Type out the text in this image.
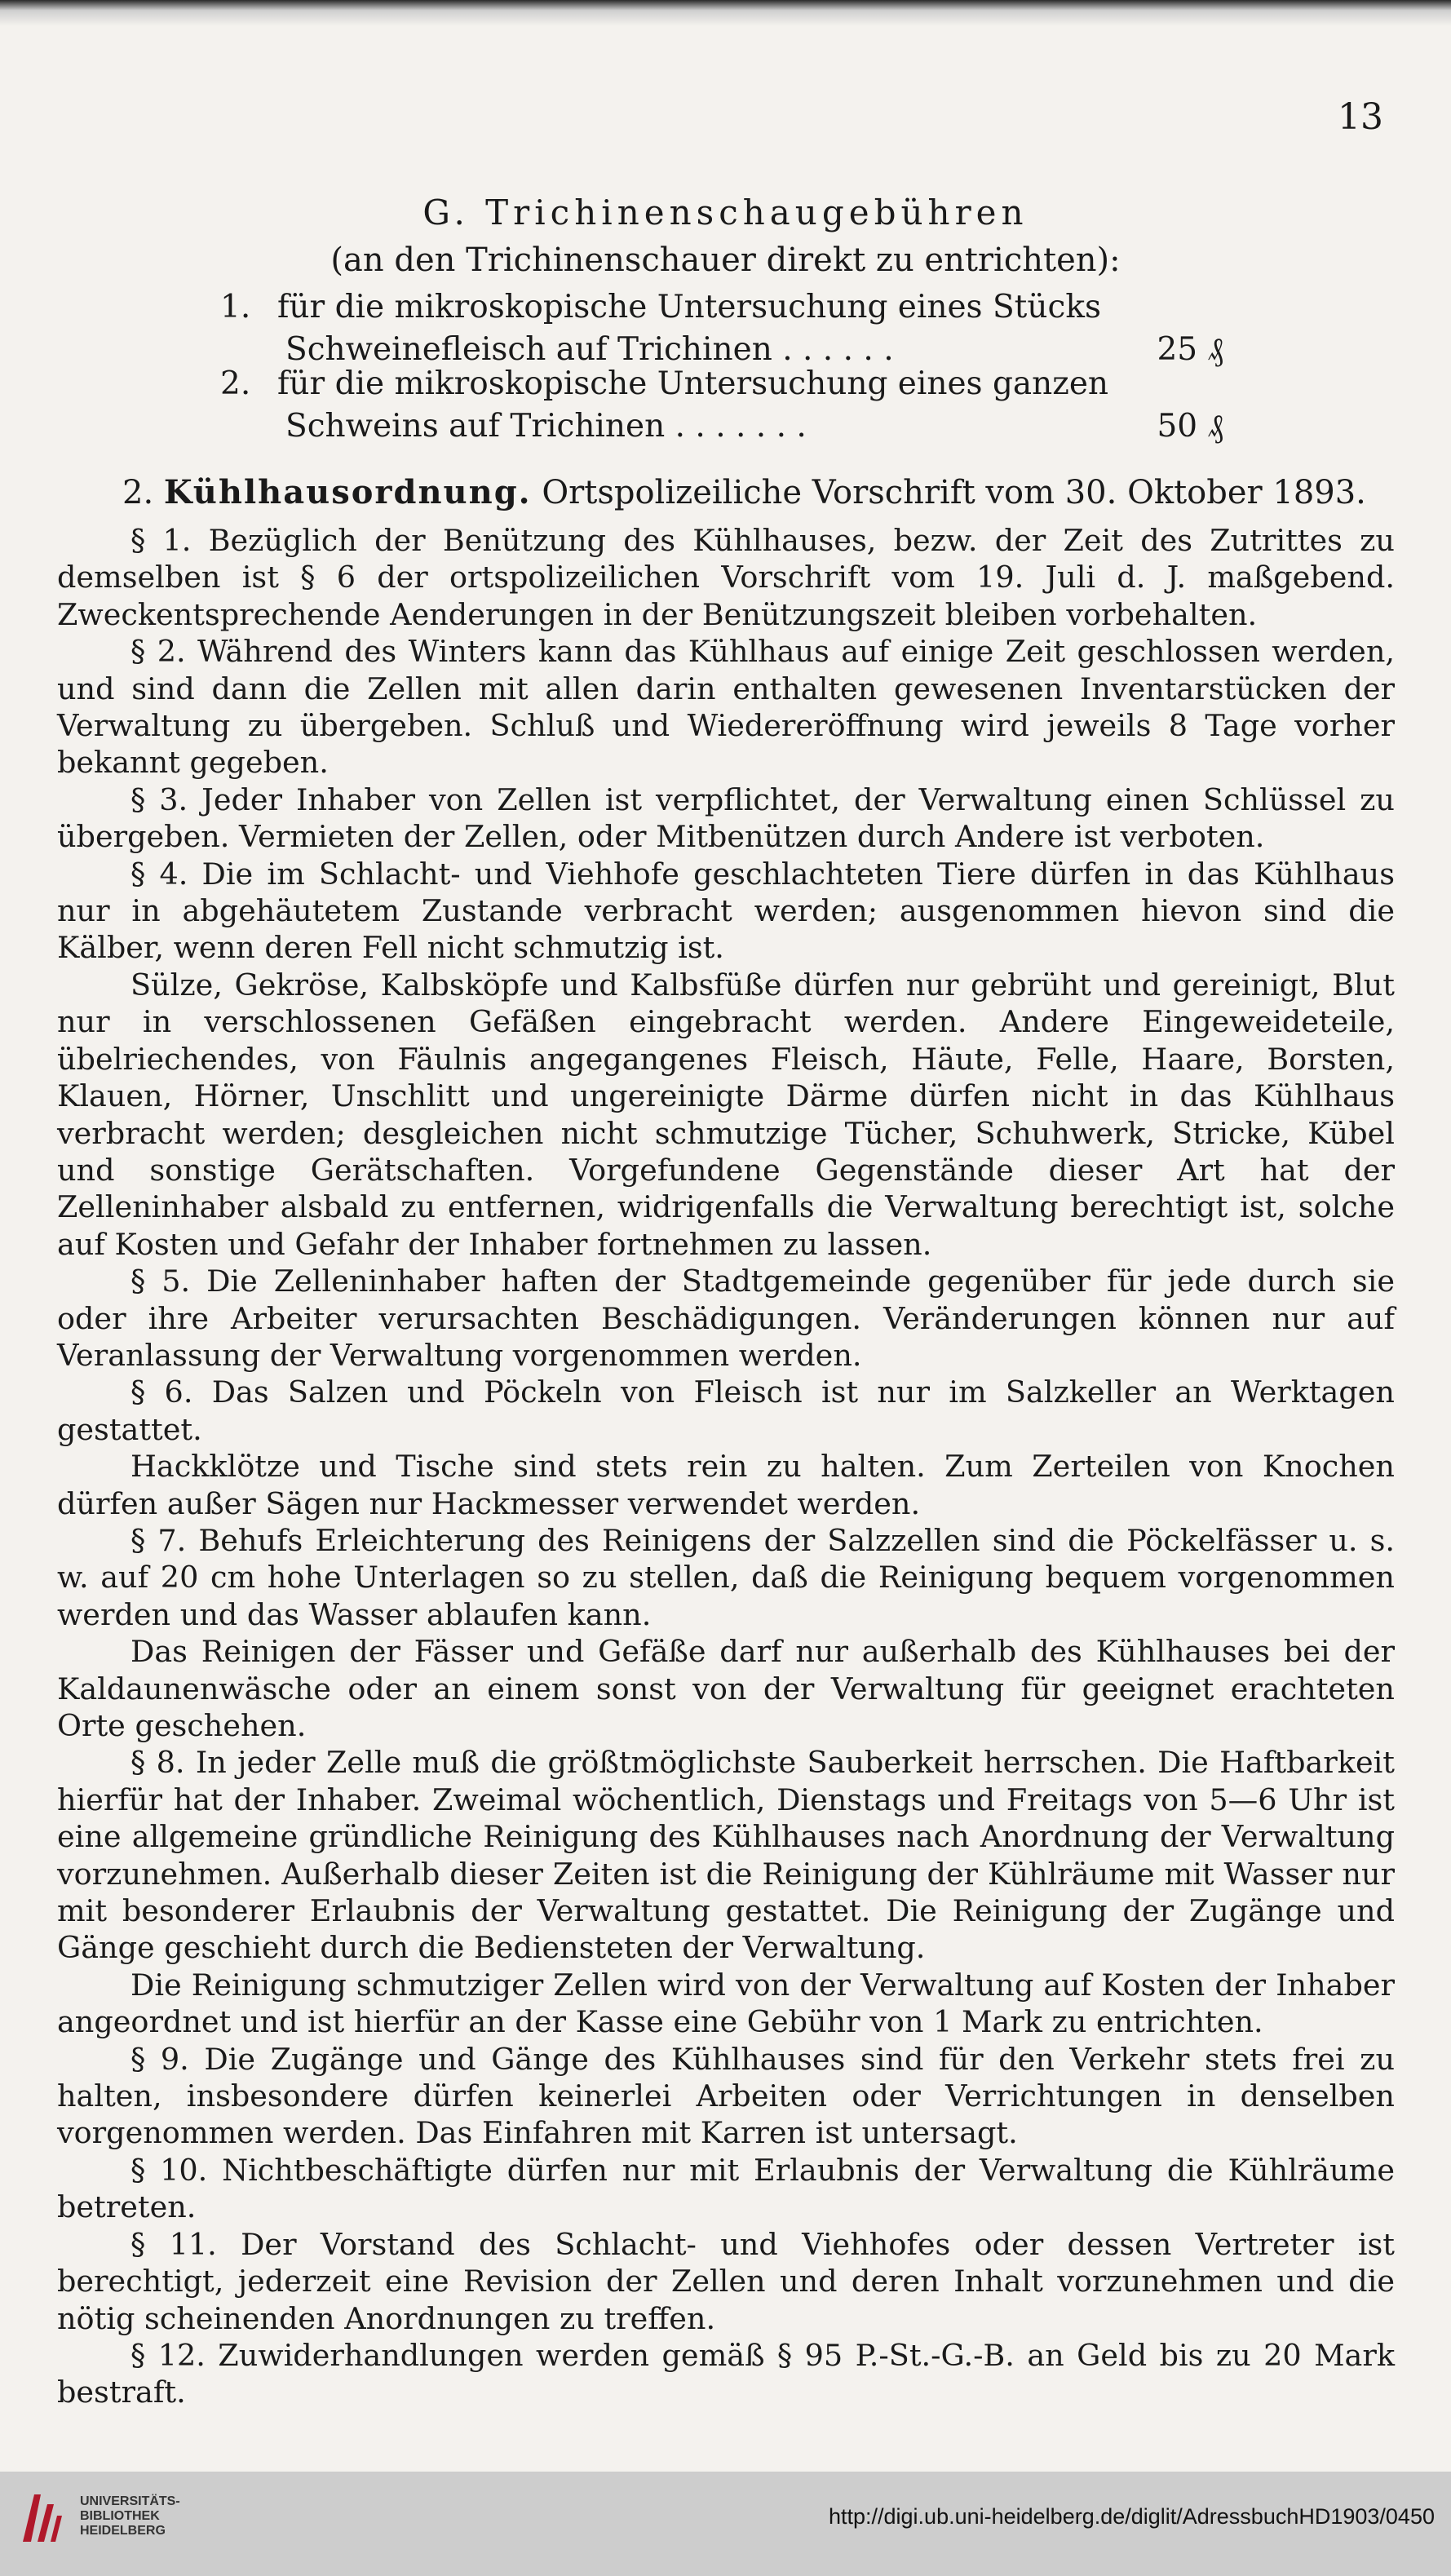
13
G. Trichinenschaugebühren
(an den Trichinenschauer direkt zu entrichten):
1. für die mikroskopische Untersuchung eines Stücks
Schweinefleisch auf Trichinen . . . . . .	25 ₰
2. für die mikroskopische Untersuchung eines ganzen
Schweins auf Trichinen . . . . . . .	50 ₰
2. Kühlhausordnung. Ortspolizeiliche Vorschrift vom 30. Oktober 1893.

§ 1. Bezüglich der Benützung des Kühlhauses, bezw. der Zeit des Zutrittes zu demselben ist § 6 der ortspolizeilichen Vorschrift vom 19. Juli d. J. maßgebend. Zweckentsprechende Aenderungen in der Benützungszeit bleiben vorbehalten.

§ 2. Während des Winters kann das Kühlhaus auf einige Zeit geschlossen werden, und sind dann die Zellen mit allen darin enthalten gewesenen Inventarstücken der Verwaltung zu übergeben. Schluß und Wiedereröffnung wird jeweils 8 Tage vorher bekannt gegeben.

§ 3. Jeder Inhaber von Zellen ist verpflichtet, der Verwaltung einen Schlüssel zu übergeben. Vermieten der Zellen, oder Mitbenützen durch Andere ist verboten.

§ 4. Die im Schlacht- und Viehhofe geschlachteten Tiere dürfen in das Kühlhaus nur in abgehäutetem Zustande verbracht werden; ausgenommen hievon sind die Kälber, wenn deren Fell nicht schmutzig ist.

Sülze, Gekröse, Kalbsköpfe und Kalbsfüße dürfen nur gebrüht und gereinigt, Blut nur in verschlossenen Gefäßen eingebracht werden. Andere Eingeweideteile, übelriechendes, von Fäulnis angegangenes Fleisch, Häute, Felle, Haare, Borsten, Klauen, Hörner, Unschlitt und ungereinigte Därme dürfen nicht in das Kühlhaus verbracht werden; desgleichen nicht schmutzige Tücher, Schuhwerk, Stricke, Kübel und sonstige Gerätschaften. Vorgefundene Gegenstände dieser Art hat der Zelleninhaber alsbald zu entfernen, widrigenfalls die Verwaltung berechtigt ist, solche auf Kosten und Gefahr der Inhaber fortnehmen zu lassen.

§ 5. Die Zelleninhaber haften der Stadtgemeinde gegenüber für jede durch sie oder ihre Arbeiter verursachten Beschädigungen. Veränderungen können nur auf Veranlassung der Verwaltung vorgenommen werden.

§ 6. Das Salzen und Pöckeln von Fleisch ist nur im Salzkeller an Werktagen gestattet.

Hackklötze und Tische sind stets rein zu halten. Zum Zerteilen von Knochen dürfen außer Sägen nur Hackmesser verwendet werden.

§ 7. Behufs Erleichterung des Reinigens der Salzzellen sind die Pöckelfässer u. s. w. auf 20 cm hohe Unterlagen so zu stellen, daß die Reinigung bequem vorgenommen werden und das Wasser ablaufen kann.

Das Reinigen der Fässer und Gefäße darf nur außerhalb des Kühlhauses bei der Kaldaunenwäsche oder an einem sonst von der Verwaltung für geeignet erachteten Orte geschehen.

§ 8. In jeder Zelle muß die größtmöglichste Sauberkeit herrschen. Die Haftbarkeit hierfür hat der Inhaber. Zweimal wöchentlich, Dienstags und Freitags von 5—6 Uhr ist eine allgemeine gründliche Reinigung des Kühlhauses nach Anordnung der Verwaltung vorzunehmen. Außerhalb dieser Zeiten ist die Reinigung der Kühlräume mit Wasser nur mit besonderer Erlaubnis der Verwaltung gestattet. Die Reinigung der Zugänge und Gänge geschieht durch die Bediensteten der Verwaltung.

Die Reinigung schmutziger Zellen wird von der Verwaltung auf Kosten der Inhaber angeordnet und ist hierfür an der Kasse eine Gebühr von 1 Mark zu entrichten.

§ 9. Die Zugänge und Gänge des Kühlhauses sind für den Verkehr stets frei zu halten, insbesondere dürfen keinerlei Arbeiten oder Verrichtungen in denselben vorgenommen werden. Das Einfahren mit Karren ist untersagt.

§ 10. Nichtbeschäftigte dürfen nur mit Erlaubnis der Verwaltung die Kühlräume betreten.

§ 11. Der Vorstand des Schlacht- und Viehhofes oder dessen Vertreter ist berechtigt, jederzeit eine Revision der Zellen und deren Inhalt vorzunehmen und die nötig scheinenden Anordnungen zu treffen.

§ 12. Zuwiderhandlungen werden gemäß § 95 P.-St.-G.-B. an Geld bis zu 20 Mark bestraft.

UNIVERSITÄTS-
BIBLIOTHEK
HEIDELBERG
http://digi.ub.uni-heidelberg.de/diglit/AdressbuchHD1903/0450
